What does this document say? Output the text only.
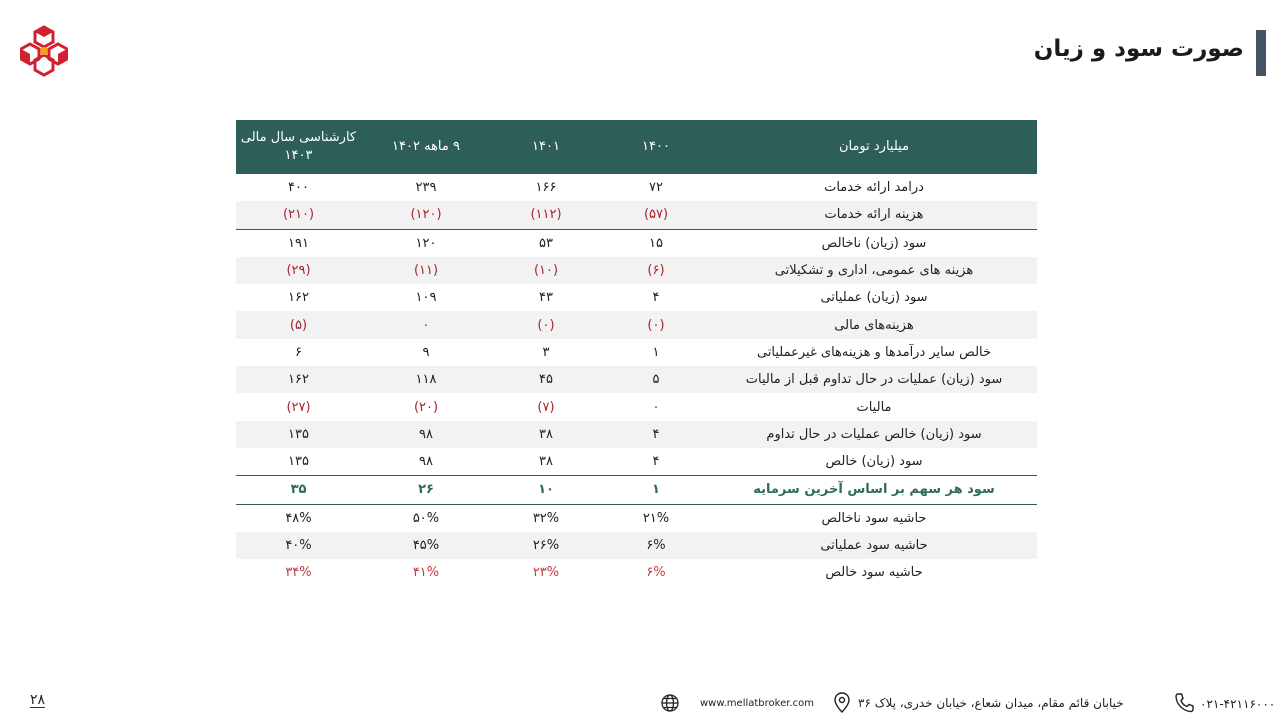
صورت سود و زیان
میلیارد تومان	۱۴۰۰	۱۴۰۱	۹ ماهه ۱۴۰۲	کارشناسی سال مالی ۱۴۰۳
درامد ارائه خدمات	۷۲	۱۶۶	۲۳۹	۴۰۰
هزینه ارائه خدمات	(۵۷)	(۱۱۲)	(۱۲۰)	(۲۱۰)
سود (زیان) ناخالص	۱۵	۵۳	۱۲۰	۱۹۱
هزینه های عمومی، اداری و تشکیلاتی	(۶)	(۱۰)	(۱۱)	(۲۹)
سود (زیان) عملیاتی	۴	۴۳	۱۰۹	۱۶۲
هزینه‌های مالی	(۰)	(۰)	۰	(۵)
خالص سایر درآمدها و هزینه‌های غیرعملیاتی	۱	۳	۹	۶
سود (زیان) عملیات در حال تداوم قبل از مالیات	۵	۴۵	۱۱۸	۱۶۲
مالیات	۰	(۷)	(۲۰)	(۲۷)
سود (زیان) خالص عملیات در حال تداوم	۴	۳۸	۹۸	۱۳۵
سود (زیان) خالص	۴	۳۸	۹۸	۱۳۵
سود هر سهم بر اساس آخرین سرمایه	۱	۱۰	۲۶	۳۵
حاشیه سود ناخالص	۲۱%	۳۲%	۵۰%	۴۸%
حاشیه سود عملیاتی	۶%	۲۶%	۴۵%	۴۰%
حاشیه سود خالص	۶%	۲۳%	۴۱%	۳۴%
۲۸	www.mellatbroker.com	خیابان قائم مقام، میدان شعاع، خیابان خدری، پلاک ۳۶	۰۲۱-۴۲۱۱۶۰۰۰
